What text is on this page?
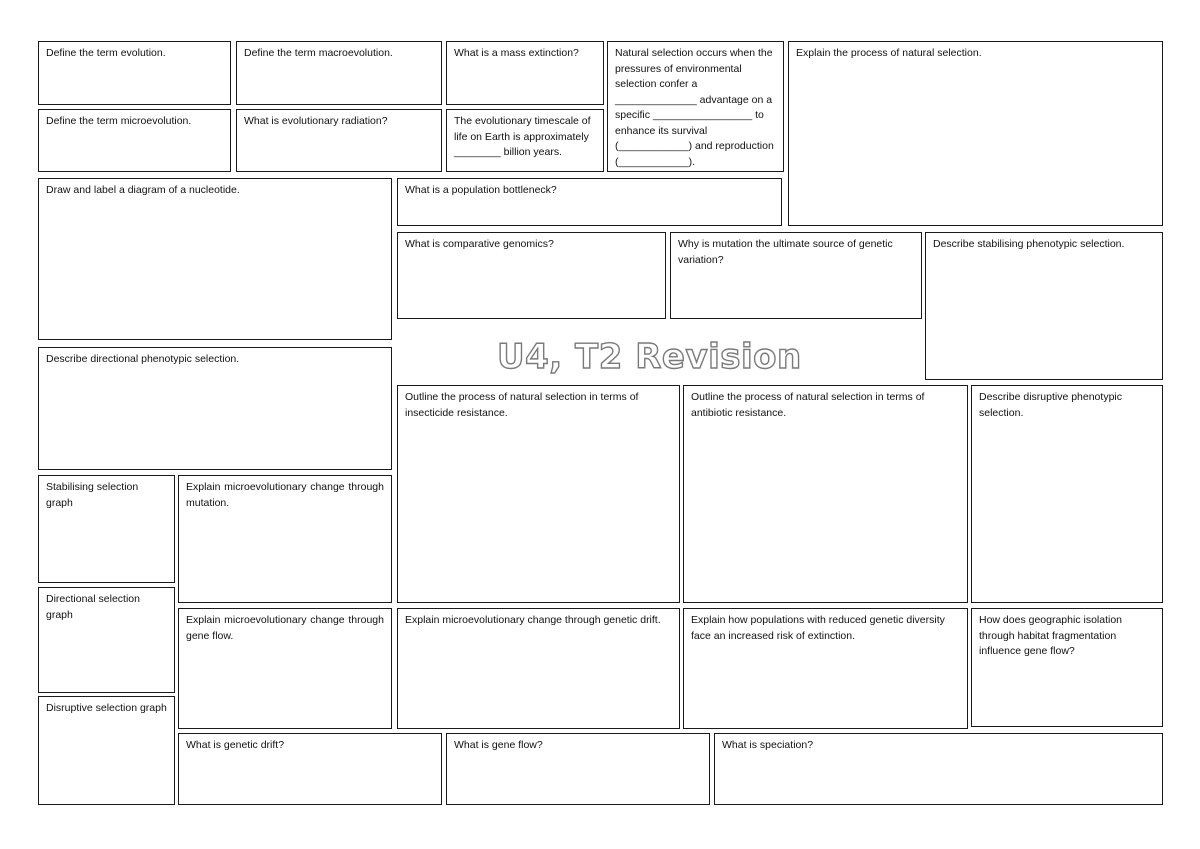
Define the term evolution.	Define the term macroevolution.	What is a mass extinction?	Natural selection occurs when the pressures of environmental selection confer a ______________ advantage on a specific _________________ to enhance its survival (____________) and reproduction (____________).
Explain the process of natural selection.
Define the term microevolution.	What is evolutionary radiation?	The evolutionary timescale of life on Earth is approximately ________ billion years.
Draw and label a diagram of a nucleotide.	What is a population bottleneck?
What is comparative genomics?	Why is mutation the ultimate source of genetic variation?
Describe stabilising phenotypic selection.
U4, T2 Revision
Describe directional phenotypic selection.
Outline the process of natural selection in terms of insecticide resistance.
Outline the process of natural selection in terms of antibiotic resistance.
Describe disruptive phenotypic selection.
Stabilising selection graph
Explain microevolutionary change through mutation.
Directional selection graph	Explain microevolutionary change through gene flow.
Explain microevolutionary change through genetic drift.	Explain how populations with reduced genetic diversity face an increased risk of extinction.
How does geographic isolation through habitat fragmentation influence gene flow?
Disruptive selection graph
What is genetic drift?	What is gene flow?	What is speciation?
